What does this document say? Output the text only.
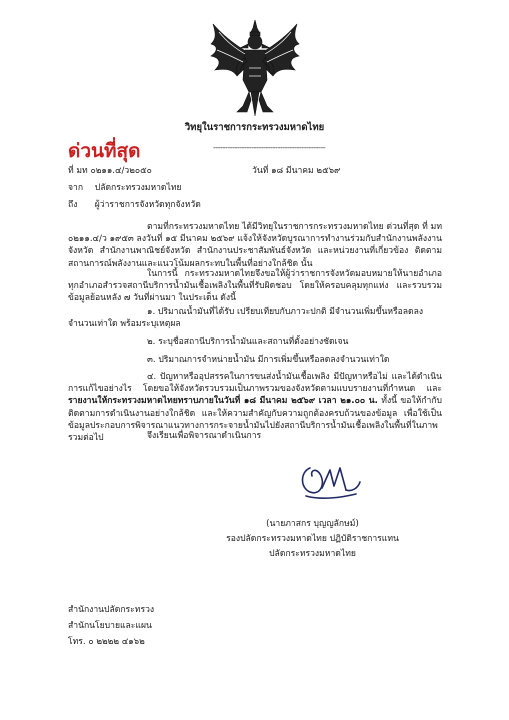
วิทยุในราชการกระทรวงมหาดไทย
-----------------------------------------------
ด่วนที่สุด
ที่ มท ๐๒๑๑.๔/ว๒๐๕๐	วันที่ ๑๘ มีนาคม ๒๕๖๙
จาก ปลัดกระทรวงมหาดไทย
ถึง ผู้ว่าราชการจังหวัดทุกจังหวัด
ตามที่กระทรวงมหาดไทย ได้มีวิทยุในราชการกระทรวงมหาดไทย ด่วนที่สุด ที่ มท ๐๒๑๑.๔/ว ๑๙๕๓ ลงวันที่ ๑๕ มีนาคม ๒๕๖๙ แจ้งให้จังหวัดบูรณาการทำงานร่วมกับสำนักงานพลังงานจังหวัด สำนักงานพาณิชย์จังหวัด สำนักงานประชาสัมพันธ์จังหวัด และหน่วยงานที่เกี่ยวข้อง ติดตามสถานการณ์พลังงานและแนวโน้มผลกระทบในพื้นที่อย่างใกล้ชิด นั้น
ในการนี้ กระทรวงมหาดไทยจึงขอให้ผู้ว่าราชการจังหวัดมอบหมายให้นายอำเภอทุกอำเภอสำรวจสถานีบริการน้ำมันเชื้อเพลิงในพื้นที่รับผิดชอบ โดยให้ครอบคลุมทุกแห่ง และรวบรวมข้อมูลย้อนหลัง ๗ วันที่ผ่านมา ในประเด็น ดังนี้
๑. ปริมาณน้ำมันที่ได้รับ เปรียบเทียบกับภาวะปกติ มีจำนวนเพิ่มขึ้นหรือลดลงจำนวนเท่าใด พร้อมระบุเหตุผล
๒. ระบุชื่อสถานีบริการน้ำมันและสถานที่ตั้งอย่างชัดเจน
๓. ปริมาณการจำหน่ายน้ำมัน มีการเพิ่มขึ้นหรือลดลงจำนวนเท่าใด
๔. ปัญหาหรืออุปสรรคในการขนส่งน้ำมันเชื้อเพลิง มีปัญหาหรือไม่ และได้ดำเนินการแก้ไขอย่างไร โดยขอให้จังหวัดรวบรวมเป็นภาพรวมของจังหวัดตามแบบรายงานที่กำหนด และรายงานให้กระทรวงมหาดไทยทราบภายในวันที่ ๑๘ มีนาคม ๒๕๖๙ เวลา ๒๑.๐๐ น. ทั้งนี้ ขอให้กำกับติดตามการดำเนินงานอย่างใกล้ชิด และให้ความสำคัญกับความถูกต้องครบถ้วนของข้อมูล เพื่อใช้เป็นข้อมูลประกอบการพิจารณาแนวทางการกระจายน้ำมันไปยังสถานีบริการน้ำมันเชื้อเพลิงในพื้นที่ในภาพรวมต่อไป	จึงเรียนเพื่อพิจารณาดำเนินการ
(นายภาสกร บุญญลักษม์)
รองปลัดกระทรวงมหาดไทย ปฏิบัติราชการแทน
ปลัดกระทรวงมหาดไทย
สำนักงานปลัดกระทรวง
สำนักนโยบายและแผน
โทร. ๐ ๒๒๒๒ ๔๑๖๒
